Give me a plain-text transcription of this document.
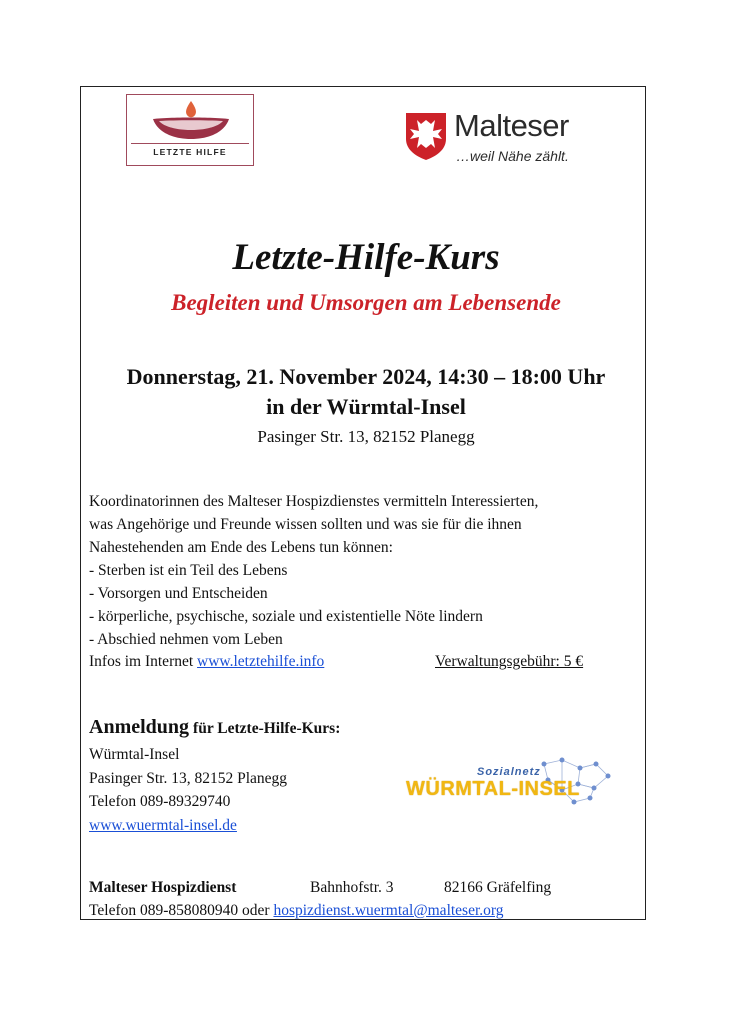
LETZTE HILFE
Malteser
…weil Nähe zählt.
Letzte-Hilfe-Kurs
Begleiten und Umsorgen am Lebensende
Donnerstag, 21. November 2024, 14:30 – 18:00 Uhr
in der Würmtal-Insel
Pasinger Str. 13, 82152 Planegg
Koordinatorinnen des Malteser Hospizdienstes vermitteln Interessierten,
was Angehörige und Freunde wissen sollten und was sie für die ihnen
Nahestehenden am Ende des Lebens tun können:
- Sterben ist ein Teil des Lebens
- Vorsorgen und Entscheiden
- körperliche, psychische, soziale und existentielle Nöte lindern
- Abschied nehmen vom Leben
Infos im Internet www.letztehilfe.info	Verwaltungsgebühr: 5 €
Anmeldung für Letzte-Hilfe-Kurs:
Würmtal-Insel
Pasinger Str. 13, 82152 Planegg
Telefon 089-89329740
www.wuermtal-insel.de
Sozialnetz
WÜRMTAL-INSEL
Malteser Hospizdienst	Bahnhofstr. 3	82166 Gräfelfing
Telefon 089-858080940 oder hospizdienst.wuermtal@malteser.org
